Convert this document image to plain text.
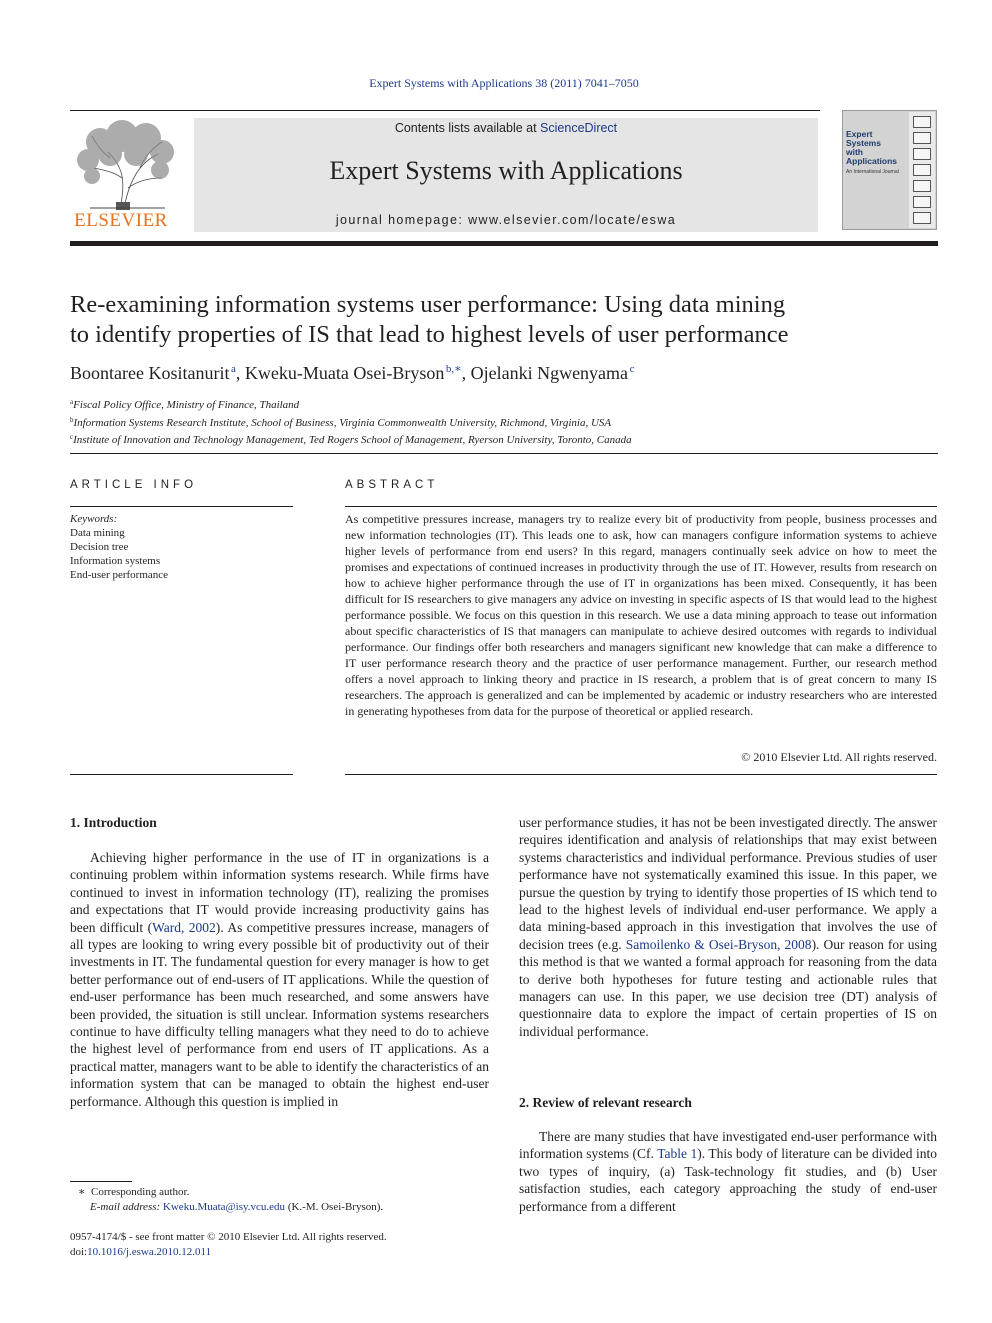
Expert Systems with Applications 38 (2011) 7041–7050
ELSEVIER
Contents lists available at ScienceDirect
Expert Systems with Applications
journal homepage: www.elsevier.com/locate/eswa
Expert
Systems
with
Applications
An International Journal
Re-examining information systems user performance: Using data mining
to identify properties of IS that lead to highest levels of user performance
Boontaree Kositanurit  $^a$, Kweku-Muata Osei-Bryson  $^{b,∗}$, Ojelanki Ngwenyama  $^c$
$^a$Fiscal Policy Office, Ministry of Finance, Thailand
$^b$Information Systems Research Institute, School of Business, Virginia Commonwealth University, Richmond, Virginia, USA
$^c$Institute of Innovation and Technology Management, Ted Rogers School of Management, Ryerson University, Toronto, Canada
ARTICLE INFO
Keywords:
Data mining
Decision tree
Information systems
End-user performance
ABSTRACT
As competitive pressures increase, managers try to realize every bit of productivity from people, business processes and new information technologies (IT). This leads one to ask, how can managers configure information systems to achieve higher levels of performance from end users? In this regard, managers continually seek advice on how to meet the promises and expectations of continued increases in productivity through the use of IT. However, results from research on how to achieve higher performance through the use of IT in organizations has been mixed. Consequently, it has been difficult for IS researchers to give managers any advice on investing in specific aspects of IS that would lead to the highest performance possible. We focus on this question in this research. We use a data mining approach to tease out information about specific characteristics of IS that managers can manipulate to achieve desired outcomes with regards to individual performance. Our findings offer both researchers and managers significant new knowledge that can make a difference to IT user performance research theory and the practice of user performance management. Further, our research method offers a novel approach to linking theory and practice in IS research, a problem that is of great concern to many IS researchers. The approach is generalized and can be implemented by academic or industry researchers who are interested in generating hypotheses from data for the purpose of theoretical or applied research.
© 2010 Elsevier Ltd. All rights reserved.
1. Introduction

Achieving higher performance in the use of IT in organizations is a continuing problem within information systems research. While firms have continued to invest in information technology (IT), realizing the promises and expectations that IT would provide increasing productivity gains has been difficult (Ward, 2002). As competitive pressures increase, managers of all types are looking to wring every possible bit of productivity out of their investments in IT. The fundamental question for every manager is how to get better performance out of end-users of IT applications. While the question of end-user performance has been much researched, and some answers have been provided, the situation is still unclear. Information systems researchers continue to have difficulty telling managers what they need to do to achieve the highest level of performance from end users of IT applications. As a practical matter, managers want to be able to identify the characteristics of an information system that can be managed to obtain the highest end-user performance. Although this question is implied in

user performance studies, it has not be been investigated directly. The answer requires identification and analysis of relationships that may exist between systems characteristics and individual performance. Previous studies of user performance have not systematically examined this issue. In this paper, we pursue the question by trying to identify those properties of IS which tend to lead to the highest levels of individual end-user performance. We apply a data mining-based approach in this investigation that involves the use of decision trees (e.g. Samoilenko & Osei-Bryson, 2008). Our reason for using this method is that we wanted a formal approach for reasoning from the data to derive both hypotheses for future testing and actionable rules that managers can use. In this paper, we use decision tree (DT) analysis of questionnaire data to explore the impact of certain properties of IS on individual performance.

2. Review of relevant research

There are many studies that have investigated end-user performance with information systems (Cf. Table 1). This body of literature can be divided into two types of inquiry, (a) Task-technology fit studies, and (b) User satisfaction studies, each category approaching the study of end-user performance from a different

∗ Corresponding author.
E-mail address: Kweku.Muata@isy.vcu.edu (K.-M. Osei-Bryson).
0957-4174/$ - see front matter © 2010 Elsevier Ltd. All rights reserved.
doi:10.1016/j.eswa.2010.12.011
